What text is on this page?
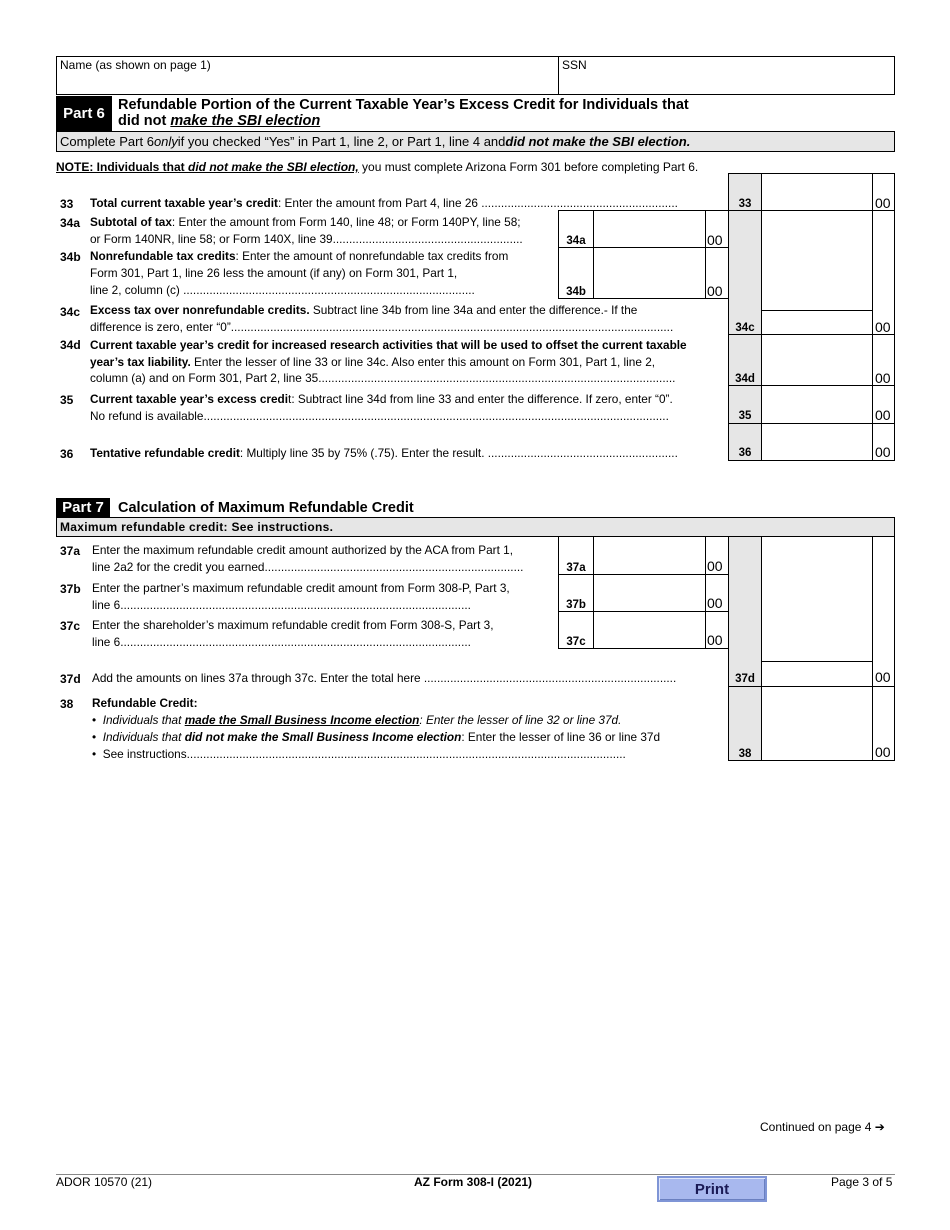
Name (as shown on page 1)	SSN
Part 6 Refundable Portion of the Current Taxable Year’s Excess Credit for Individuals that
did not make the SBI election
Complete Part 6 only if you checked “Yes” in Part 1, line 2, or Part 1, line 4 and did not make the SBI election.
NOTE: Individuals that did not make the SBI election, you must complete Arizona Form 301 before completing Part 6.
33 Total current taxable year’s credit: Enter the amount from Part 4, line 26 ............................................................	33	00
34a Subtotal of tax: Enter the amount from Form 140, line 48; or Form 140PY, line 58;
or Form 140NR, line 58; or Form 140X, line 39..........................................................	34a	00
34b Nonrefundable tax credits: Enter the amount of nonrefundable tax credits from
Form 301, Part 1, line 26 less the amount (if any) on Form 301, Part 1,
line 2, column (c) .........................................................................................	34b	00
34c Excess tax over nonrefundable credits. Subtract line 34b from line 34a and enter the difference.- If the
difference is zero, enter “0”.......................................................................................................................................	34c	00
34d Current taxable year’s credit for increased research activities that will be used to offset the current taxable
year’s tax liability. Enter the lesser of line 33 or line 34c. Also enter this amount on Form 301, Part 1, line 2,
column (a) and on Form 301, Part 2, line 35.............................................................................................................	34d	00
35 Current taxable year’s excess credit: Subtract line 34d from line 33 and enter the difference. If zero, enter “0”.
No refund is available..............................................................................................................................................	35	00
36 Tentative refundable credit: Multiply line 35 by 75% (.75). Enter the result. ..........................................................	36	00
Part 7 Calculation of Maximum Refundable Credit
Maximum refundable credit: See instructions.
37a Enter the maximum refundable credit amount authorized by the ACA from Part 1,
line 2a2 for the credit you earned...............................................................................	37a	00
37b Enter the partner’s maximum refundable credit amount from Form 308-P, Part 3,
line 6...........................................................................................................	37b	00
37c Enter the shareholder’s maximum refundable credit from Form 308-S, Part 3,
line 6...........................................................................................................	37c	00
37d Add the amounts on lines 37a through 37c. Enter the total here .............................................................................	37d	00
38 Refundable Credit:
• Individuals that made the Small Business Income election: Enter the lesser of line 32 or line 37d.
• Individuals that did not make the Small Business Income election: Enter the lesser of line 36 or line 37d
• See instructions......................................................................................................................................	38	00
Continued on page 4 ➔
ADOR 10570 (21)	AZ Form 308-I (2021)	Print	Page 3 of 5
